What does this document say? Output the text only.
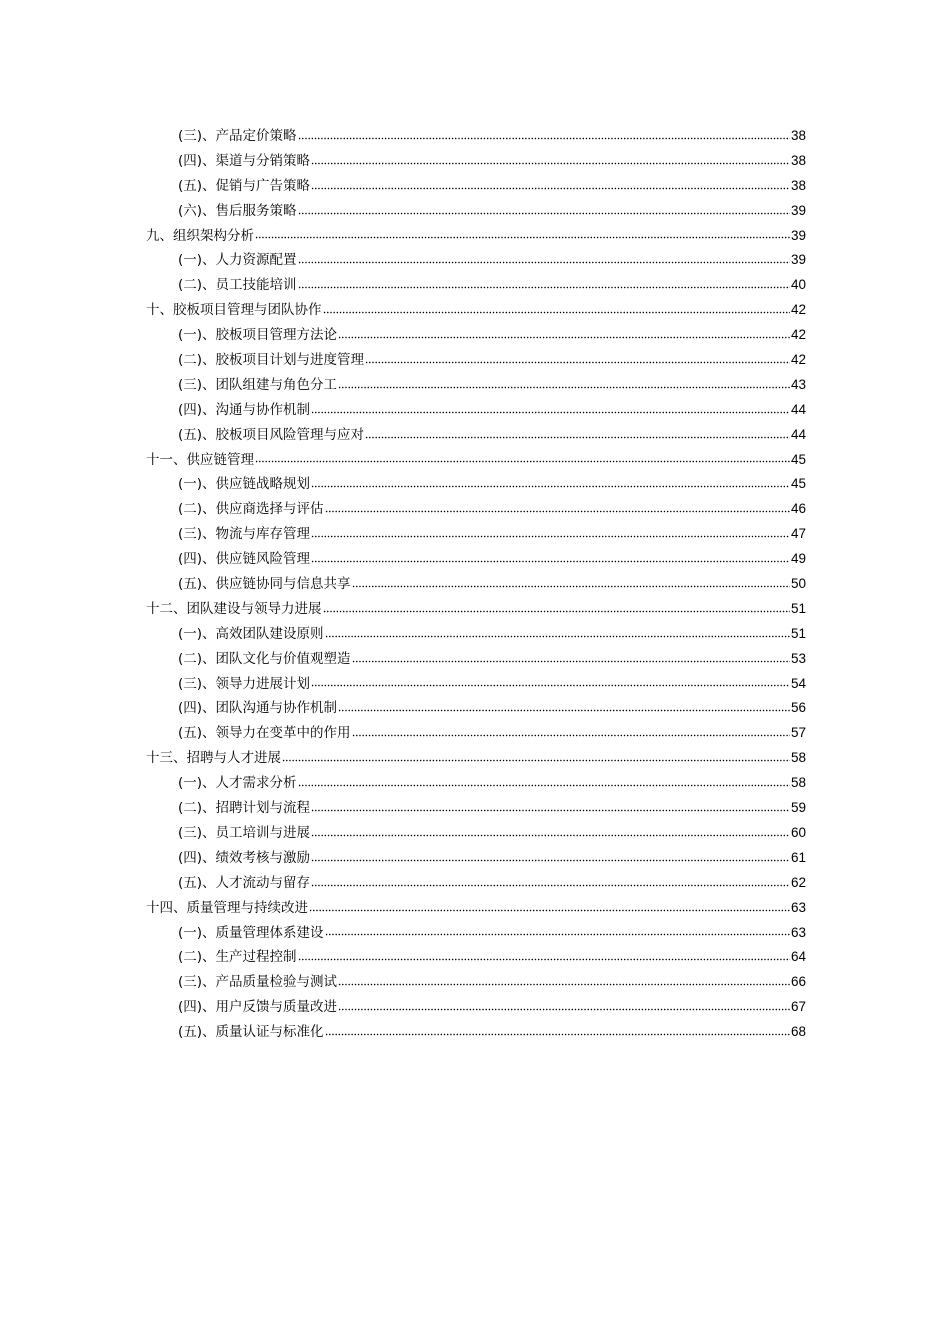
(三)、产品定价策略	38
(四)、渠道与分销策略	38
(五)、促销与广告策略	38
(六)、售后服务策略	39
九、组织架构分析	39
(一)、人力资源配置	39
(二)、员工技能培训	40
十、胶板项目管理与团队协作	42
(一)、胶板项目管理方法论	42
(二)、胶板项目计划与进度管理	42
(三)、团队组建与角色分工	43
(四)、沟通与协作机制	44
(五)、胶板项目风险管理与应对	44
十一、供应链管理	45
(一)、供应链战略规划	45
(二)、供应商选择与评估	46
(三)、物流与库存管理	47
(四)、供应链风险管理	49
(五)、供应链协同与信息共享	50
十二、团队建设与领导力进展	51
(一)、高效团队建设原则	51
(二)、团队文化与价值观塑造	53
(三)、领导力进展计划	54
(四)、团队沟通与协作机制	56
(五)、领导力在变革中的作用	57
十三、招聘与人才进展	58
(一)、人才需求分析	58
(二)、招聘计划与流程	59
(三)、员工培训与进展	60
(四)、绩效考核与激励	61
(五)、人才流动与留存	62
十四、质量管理与持续改进	63
(一)、质量管理体系建设	63
(二)、生产过程控制	64
(三)、产品质量检验与测试	66
(四)、用户反馈与质量改进	67
(五)、质量认证与标准化	68
